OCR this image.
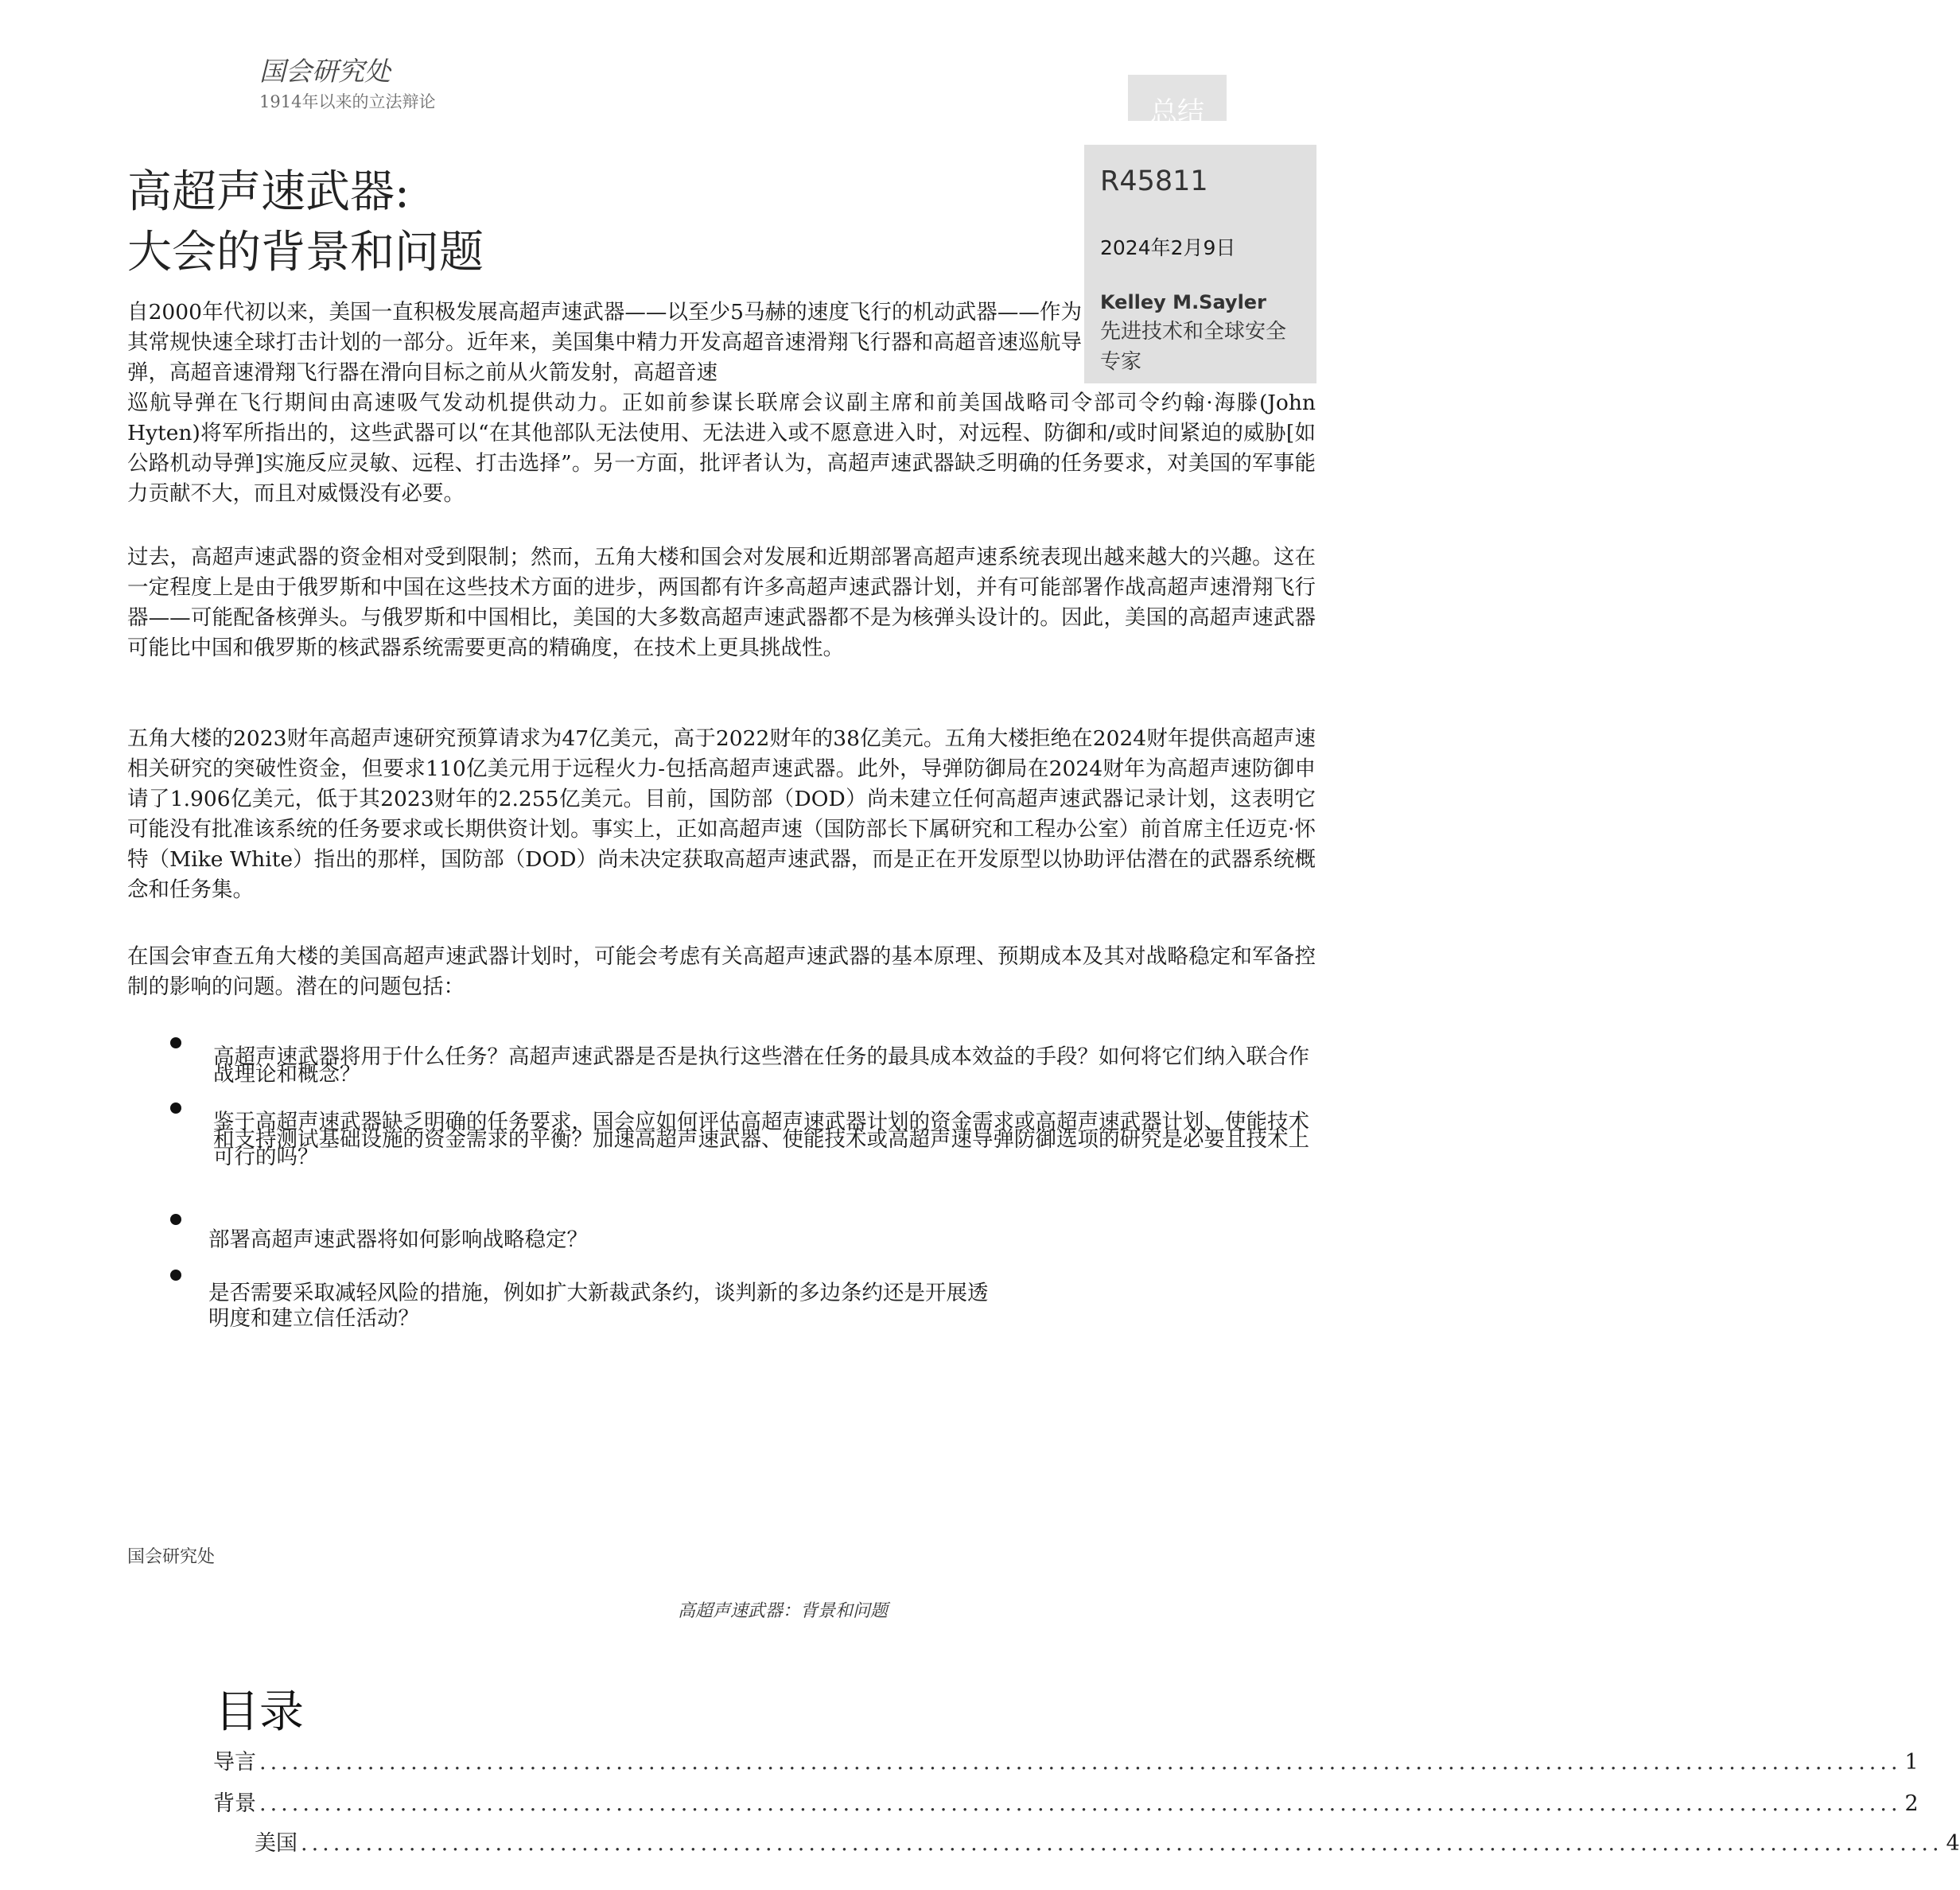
国会研究处
1914年以来的立法辩论	总结
R45811
2024年2月9日
Kelley M.Sayler
先进技术和全球安全专家
高超声速武器:
大会的背景和问题
自2000年代初以来，美国一直积极发展高超声速武器——以至少5马赫的速度飞行的机动武器——作为其常规快速全球打击计划的一部分。近年来，美国集中精力开发高超音速滑翔飞行器和高超音速巡航导弹，高超音速滑翔飞行器在滑向目标之前从火箭发射，高超音速
巡航导弹在飞行期间由高速吸气发动机提供动力。正如前参谋长联席会议副主席和前美国战略司令部司令约翰·海滕(John Hyten)将军所指出的，这些武器可以“在其他部队无法使用、无法进入或不愿意进入时，对远程、防御和/或时间紧迫的威胁[如公路机动导弹]实施反应灵敏、远程、打击选择”。另一方面，批评者认为，高超声速武器缺乏明确的任务要求，对美国的军事能力贡献不大，而且对威慑没有必要。

过去，高超声速武器的资金相对受到限制；然而，五角大楼和国会对发展和近期部署高超声速系统表现出越来越大的兴趣。这在一定程度上是由于俄罗斯和中国在这些技术方面的进步，两国都有许多高超声速武器计划，并有可能部署作战高超声速滑翔飞行器——可能配备核弹头。与俄罗斯和中国相比，美国的大多数高超声速武器都不是为核弹头设计的。因此，美国的高超声速武器可能比中国和俄罗斯的核武器系统需要更高的精确度，在技术上更具挑战性。

五角大楼的2023财年高超声速研究预算请求为47亿美元，高于2022财年的38亿美元。五角大楼拒绝在2024财年提供高超声速相关研究的突破性资金，但要求110亿美元用于远程火力-包括高超声速武器。此外，导弹防御局在2024财年为高超声速防御申请了1.906亿美元，低于其2023财年的2.255亿美元。目前，国防部（DOD）尚未建立任何高超声速武器记录计划，这表明它可能没有批准该系统的任务要求或长期供资计划。事实上，正如高超声速（国防部长下属研究和工程办公室）前首席主任迈克·怀特（Mike White）指出的那样，国防部（DOD）尚未决定获取高超声速武器，而是正在开发原型以协助评估潜在的武器系统概念和任务集。

在国会审查五角大楼的美国高超声速武器计划时，可能会考虑有关高超声速武器的基本原理、预期成本及其对战略稳定和军备控制的影响的问题。潜在的问题包括：

高超声速武器将用于什么任务？高超声速武器是否是执行这些潜在任务的最具成本效益的手段？如何将它们纳入联合作战理论和概念？

鉴于高超声速武器缺乏明确的任务要求，国会应如何评估高超声速武器计划的资金需求或高超声速武器计划、使能技术和支持测试基础设施的资金需求的平衡？加速高超声速武器、使能技术或高超声速导弹防御选项的研究是必要且技术上可行的吗？

部署高超声速武器将如何影响战略稳定？

是否需要采取减轻风险的措施，例如扩大新裁武条约，谈判新的多边条约还是开展透明度和建立信任活动？

国会研究处
高超声速武器：背景和问题
目录
导言 ........................................................................................................................................................ 1
背景 ........................................................................................................................................................ 2
美国 ........................................................................................................................................................ 4
